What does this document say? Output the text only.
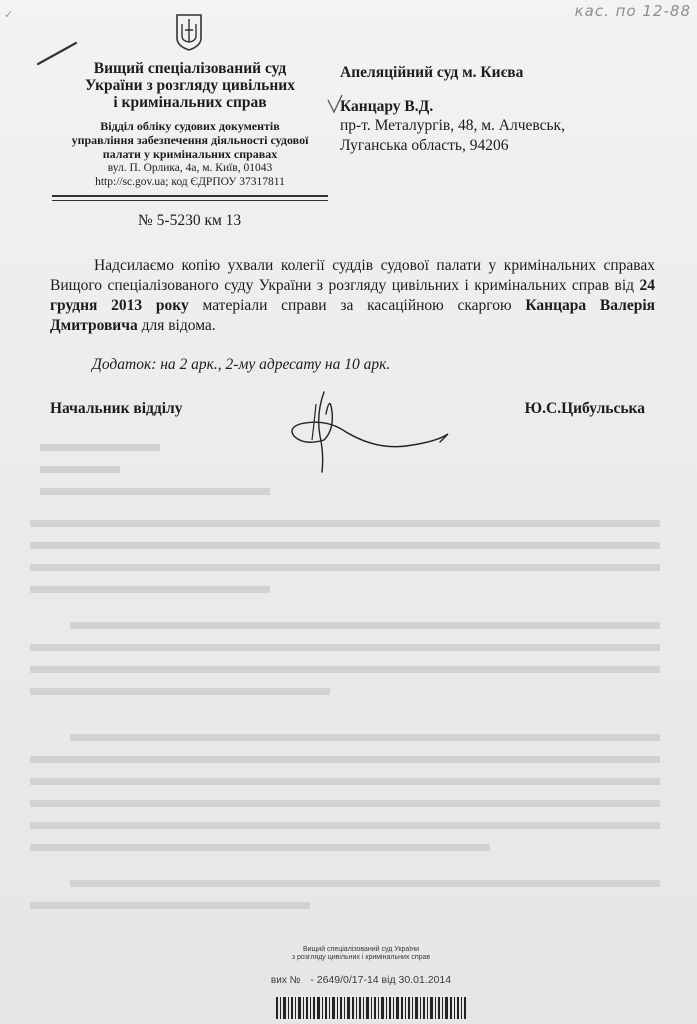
✓	кас. по 12-88
Вищий спеціалізований суд
України з розгляду цивільних
і кримінальних справ
Відділ обліку судових документів
управління забезпечення діяльності судової
палати у кримінальних справах
вул. П. Орлика, 4а, м. Київ, 01043
http://sc.gov.ua; код ЄДРПОУ 37317811
№ 5-5230 км 13
Апеляційний суд м. Києва
Канцару В.Д.
пр-т. Металургів, 48, м. Алчевськ,
Луганська область, 94206
Надсилаємо копію ухвали колегії суддів судової палати у кримінальних справах Вищого спеціалізованого суду України з розгляду цивільних і кримінальних справ від 24 грудня 2013 року матеріали справи за касаційною скаргою Канцара Валерія Дмитровича для відома.
Додаток: на 2 арк., 2-му адресату на 10 арк.
Начальник відділу	Ю.С.Цибульська
Вищий спеціалізований суд України
з розгляду цивільних і кримінальних справ
вих № - 2649/0/17-14 від 30.01.2014
